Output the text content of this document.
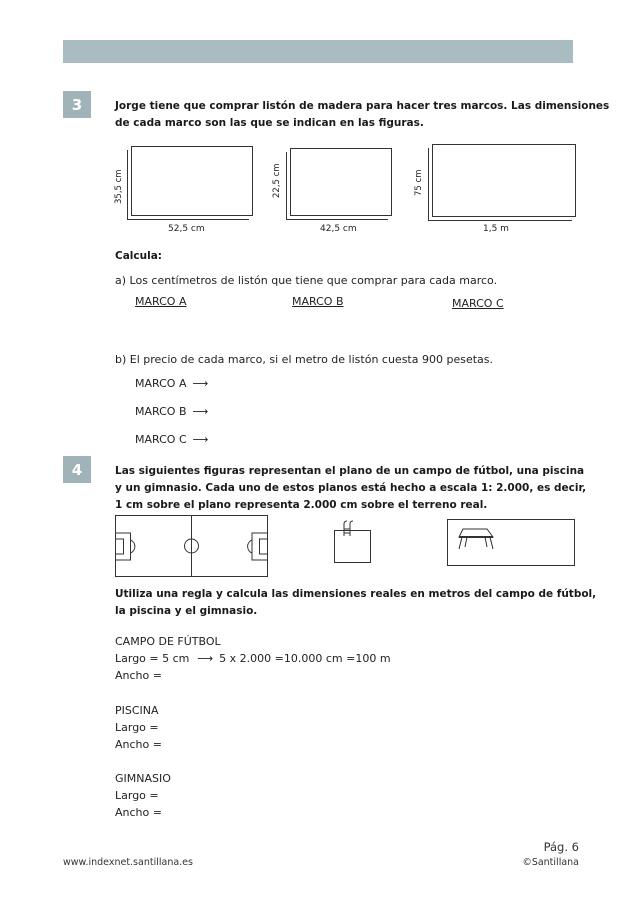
3	Jorge tiene que comprar listón de madera para hacer tres marcos. Las dimensiones
de cada marco son las que se indican en las figuras.
35,5 cm
52,5 cm
22,5 cm
42,5 cm
75 cm
1,5 m
Calcula:
a) Los centímetros de listón que tiene que comprar para cada marco.
MARCO A	MARCO B	MARCO C
b) El precio de cada marco, si el metro de listón cuesta 900 pesetas.
MARCO A ⟶
MARCO B ⟶
MARCO C ⟶
4	Las siguientes figuras representan el plano de un campo de fútbol, una piscina
y un gimnasio. Cada uno de estos planos está hecho a escala 1: 2.000, es decir,
1 cm sobre el plano representa 2.000 cm sobre el terreno real.
Utiliza una regla y calcula las dimensiones reales en metros del campo de fútbol,
la piscina y el gimnasio.
CAMPO DE FÚTBOL
Largo = 5 cm ⟶ 5 x 2.000 =10.000 cm =100 m
Ancho =
PISCINA
Largo =
Ancho =
GIMNASIO
Largo =
Ancho =
Pág. 6
www.indexnet.santillana.es	©Santillana
